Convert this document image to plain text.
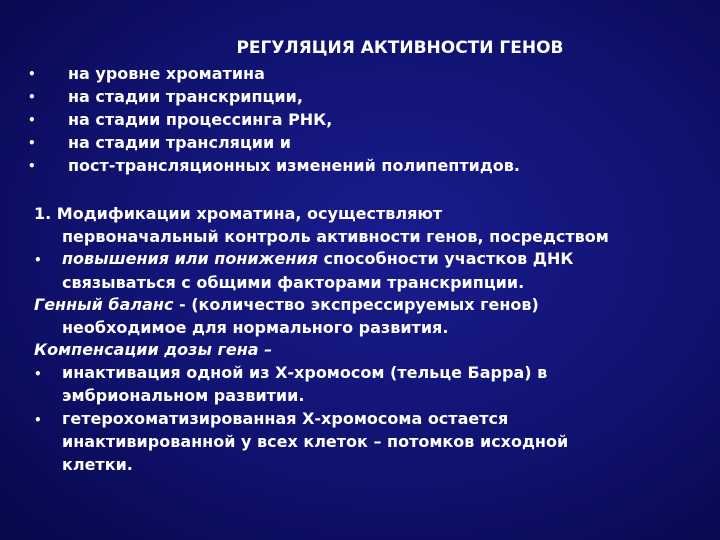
РЕГУЛЯЦИЯ АКТИВНОСТИ ГЕНОВ
•	на уровне хроматина
•	на стадии транскрипции,
•	на стадии процессинга РНК,
•	на стадии трансляции и
•	пост-трансляционных изменений полипептидов.
1. Модификации хроматина, осуществляют
первоначальный контроль активности генов, посредством
• повышения или понижения способности участков ДНК
связываться с общими факторами транскрипции.
Генный баланс - (количество экспрессируемых генов)
необходимое для нормального развития.
Компенсации дозы гена –
• инактивация одной из Х-хромосом (тельце Барра) в
эмбриональном развитии.
• гетерохоматизированная Х-хромосома остается
инактивированной у всех клеток – потомков исходной
клетки.
